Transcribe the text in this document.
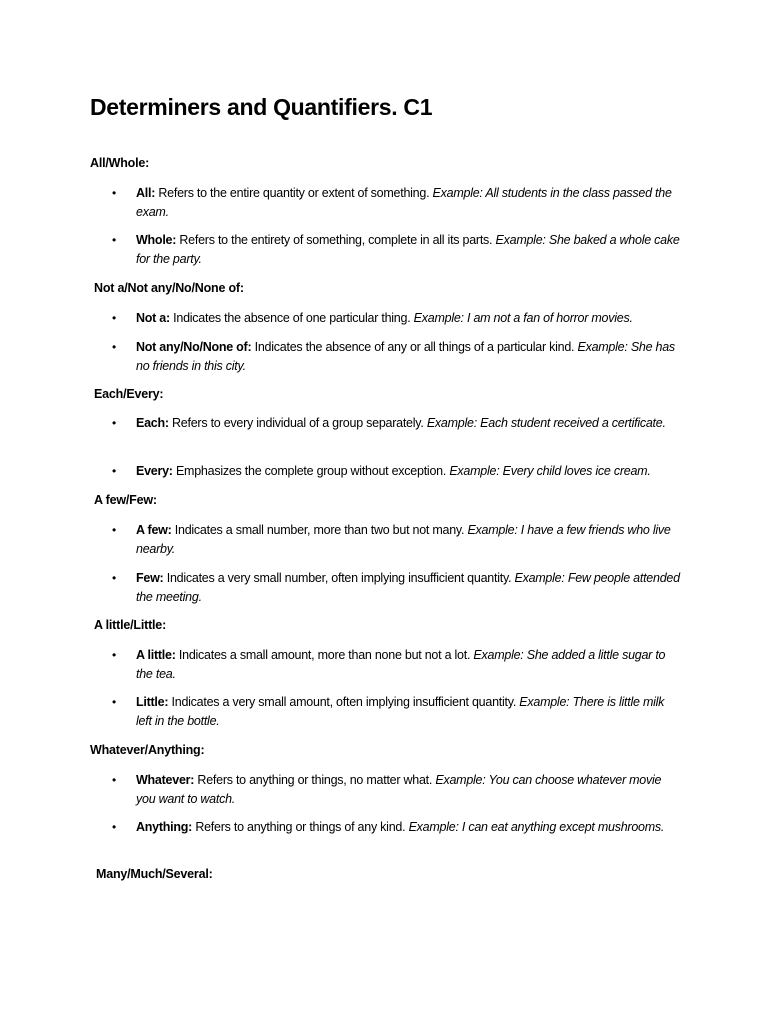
Determiners and Quantifiers. C1

All/Whole:

• All: Refers to the entire quantity or extent of something. Example: All students in the class passed the exam.

• Whole: Refers to the entirety of something, complete in all its parts. Example: She baked a whole cake for the party.

Not a/Not any/No/None of:

• Not a: Indicates the absence of one particular thing. Example: I am not a fan of horror movies.

• Not any/No/None of: Indicates the absence of any or all things of a particular kind. Example: She has no friends in this city.

Each/Every:

• Each: Refers to every individual of a group separately. Example: Each student received a certificate.

• Every: Emphasizes the complete group without exception. Example: Every child loves ice cream.

A few/Few:

• A few: Indicates a small number, more than two but not many. Example: I have a few friends who live nearby.

• Few: Indicates a very small number, often implying insufficient quantity. Example: Few people attended the meeting.

A little/Little:

• A little: Indicates a small amount, more than none but not a lot. Example: She added a little sugar to the tea.

• Little: Indicates a very small amount, often implying insufficient quantity. Example: There is little milk left in the bottle.

Whatever/Anything:

• Whatever: Refers to anything or things, no matter what. Example: You can choose whatever movie you want to watch.

• Anything: Refers to anything or things of any kind. Example: I can eat anything except mushrooms.

Many/Much/Several:
